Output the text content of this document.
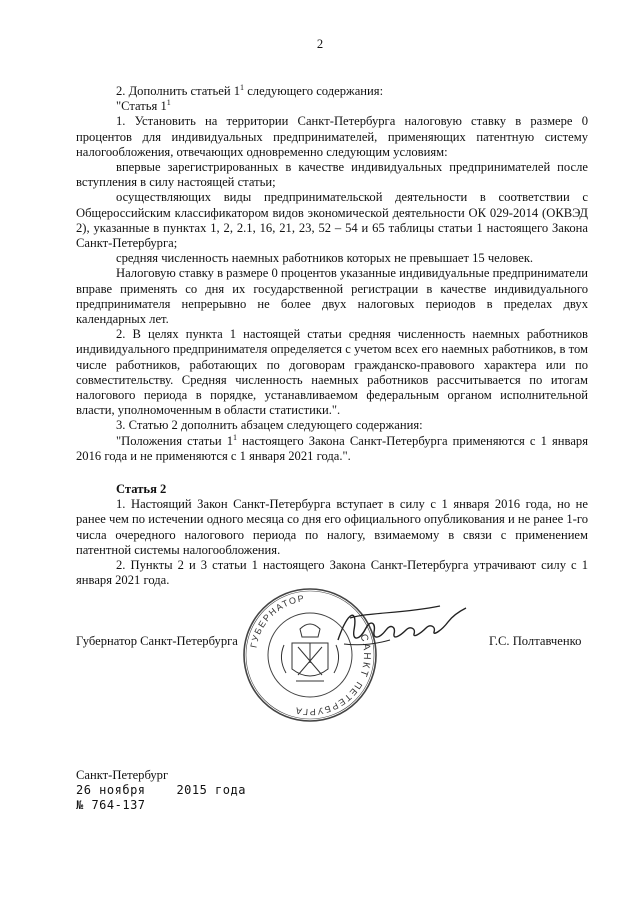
2

2. Дополнить статьей $1^1$ следующего содержания:

"Статья $1^1$

1. Установить на территории Санкт-Петербурга налоговую ставку в размере 0 процентов для индивидуальных предпринимателей, применяющих патентную систему налогообложения, отвечающих одновременно следующим условиям:

впервые зарегистрированных в качестве индивидуальных предпринимателей после вступления в силу настоящей статьи;

осуществляющих виды предпринимательской деятельности в соответствии с Общероссийским классификатором видов экономической деятельности ОК 029-2014 (ОКВЭД 2), указанные в пунктах 1, 2, 2.1, 16, 21, 23, 52 – 54 и 65 таблицы статьи 1 настоящего Закона Санкт-Петербурга;

средняя численность наемных работников которых не превышает 15 человек.

Налоговую ставку в размере 0 процентов указанные индивидуальные предприниматели вправе применять со дня их государственной регистрации в качестве индивидуального предпринимателя непрерывно не более двух налоговых периодов в пределах двух календарных лет.

2. В целях пункта 1 настоящей статьи средняя численность наемных работников индивидуального предпринимателя определяется с учетом всех его наемных работников, в том числе работников, работающих по договорам гражданско-правового характера или по совместительству. Средняя численность наемных работников рассчитывается по итогам налогового периода в порядке, устанавливаемом федеральным органом исполнительной власти, уполномоченным в области статистики.".

3. Статью 2 дополнить абзацем следующего содержания:

"Положения статьи $1^1$ настоящего Закона Санкт-Петербурга применяются с 1 января 2016 года и не применяются с 1 января 2021 года.".

Статья 2

1. Настоящий Закон Санкт-Петербурга вступает в силу с 1 января 2016 года, но не ранее чем по истечении одного месяца со дня его официального опубликования и не ранее 1-го числа очередного налогового периода по налогу, взимаемому в связи с применением патентной системы налогообложения.

2. Пункты 2 и 3 статьи 1 настоящего Закона Санкт-Петербурга утрачивают силу с 1 января 2021 года.

Губернатор Санкт-Петербурга	САНКТ
ГУБЕРНАТОР
ПЕТЕРБУРГА
Г.С. Полтавченко
Санкт-Петербург
26 ноября	2015 года
№ 764-137
